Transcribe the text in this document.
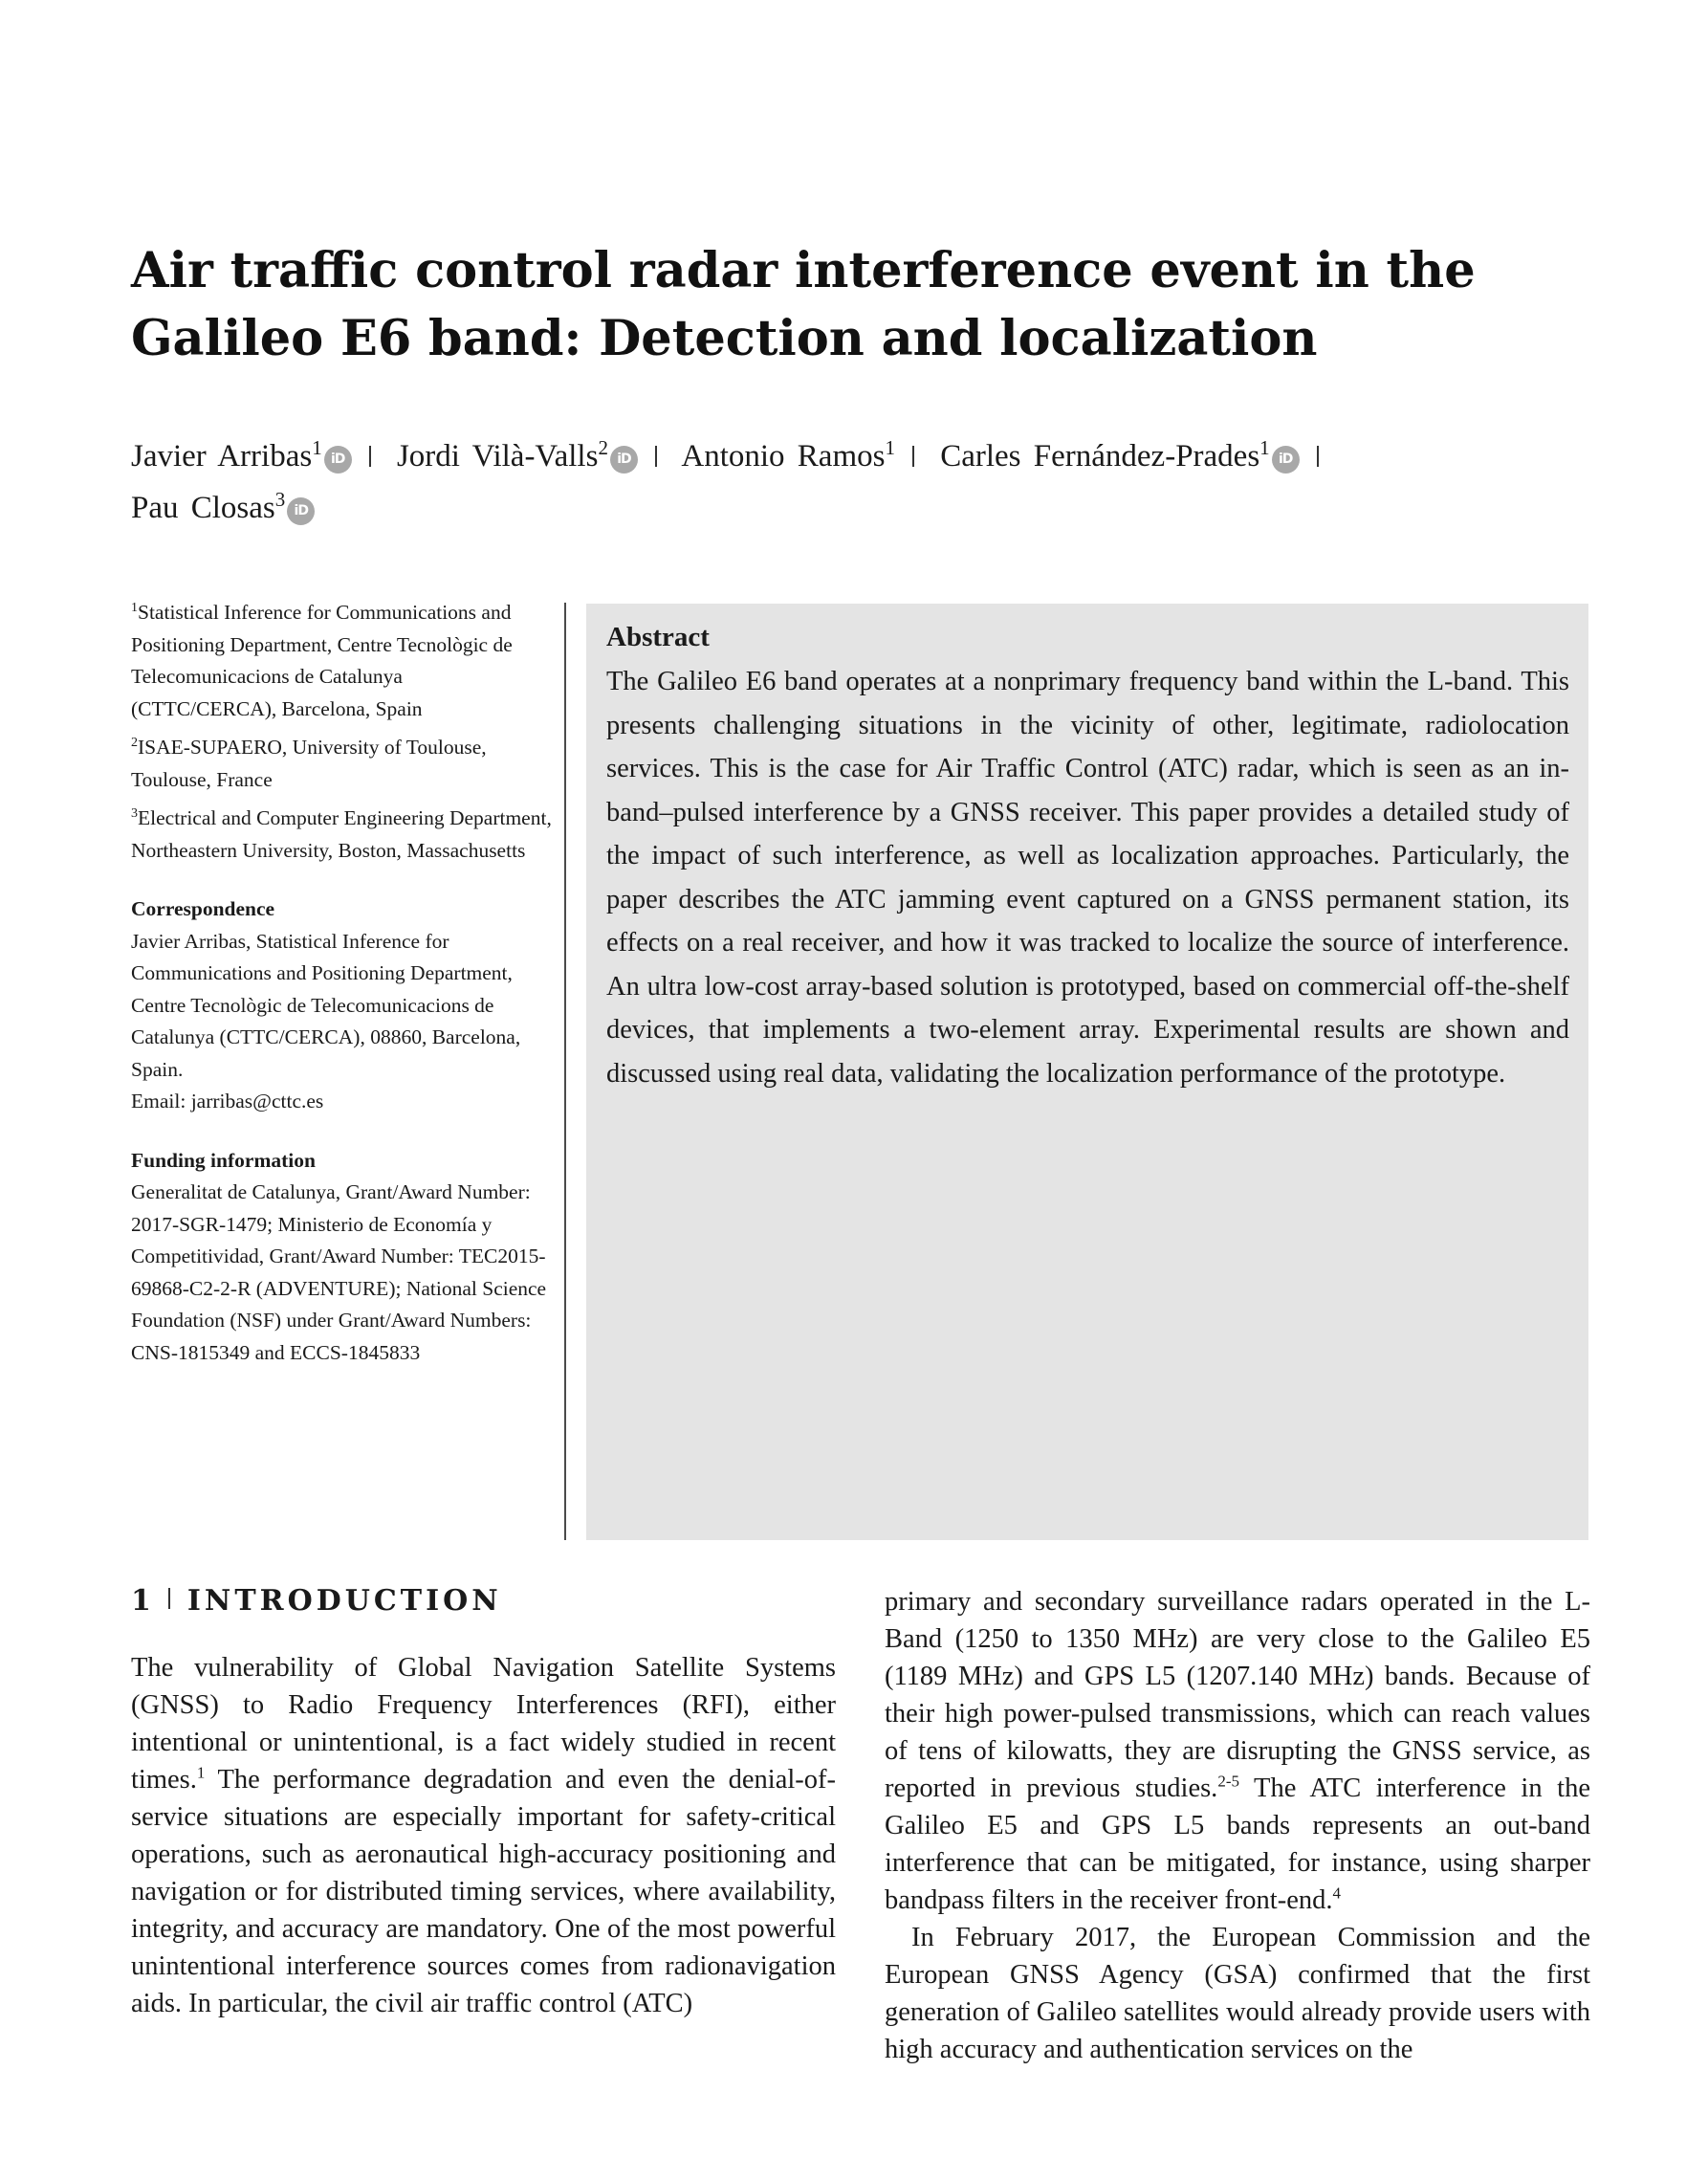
Air traffic control radar interference event in the Galileo E6 band: Detection and localization
Javier Arribas$^1$ iD Jordi Vilà-Valls$^2$ iD Antonio Ramos$^1$ Carles Fernández-Prades$^1$ iD
Pau Closas$^3$ iD

$^1$Statistical Inference for Communications and Positioning Department, Centre Tecnològic de Telecomunicacions de Catalunya (CTTC/CERCA), Barcelona, Spain

$^2$ISAE-SUPAERO, University of Toulouse, Toulouse, France

$^3$Electrical and Computer Engineering Department, Northeastern University, Boston, Massachusetts

Correspondence

Javier Arribas, Statistical Inference for Communications and Positioning Department, Centre Tecnològic de Telecomunicacions de Catalunya (CTTC/CERCA), 08860, Barcelona, Spain.
Email: jarribas@cttc.es

Funding information

Generalitat de Catalunya, Grant/Award Number: 2017-SGR-1479; Ministerio de Economía y Competitividad, Grant/Award Number: TEC2015-69868-C2-2-R (ADVENTURE); National Science Foundation (NSF) under Grant/Award Numbers: CNS-1815349 and ECCS-1845833

Abstract

The Galileo E6 band operates at a nonprimary frequency band within the L-band. This presents challenging situations in the vicinity of other, legitimate, radiolocation services. This is the case for Air Traffic Control (ATC) radar, which is seen as an in-band–pulsed interference by a GNSS receiver. This paper provides a detailed study of the impact of such interference, as well as localization approaches. Particularly, the paper describes the ATC jamming event captured on a GNSS permanent station, its effects on a real receiver, and how it was tracked to localize the source of interference. An ultra low-cost array-based solution is prototyped, based on commercial off-the-shelf devices, that implements a two-element array. Experimental results are shown and discussed using real data, validating the localization performance of the prototype.

1 INTRODUCTION

The vulnerability of Global Navigation Satellite Systems (GNSS) to Radio Frequency Interferences (RFI), either intentional or unintentional, is a fact widely studied in recent times.$^1$ The performance degradation and even the denial-of-service situations are especially important for safety-critical operations, such as aeronautical high-accuracy positioning and navigation or for distributed timing services, where availability, integrity, and accuracy are mandatory. One of the most powerful unintentional interference sources comes from radionavigation aids. In particular, the civil air traffic control (ATC)

primary and secondary surveillance radars operated in the L-Band (1250 to 1350 MHz) are very close to the Galileo E5 (1189 MHz) and GPS L5 (1207.140 MHz) bands. Because of their high power-pulsed transmissions, which can reach values of tens of kilowatts, they are disrupting the GNSS service, as reported in previous studies.$^{2-5}$ The ATC interference in the Galileo E5 and GPS L5 bands represents an out-band interference that can be mitigated, for instance, using sharper bandpass filters in the receiver front-end.$^4$

In February 2017, the European Commission and the European GNSS Agency (GSA) confirmed that the first generation of Galileo satellites would already provide users with high accuracy and authentication services on the
